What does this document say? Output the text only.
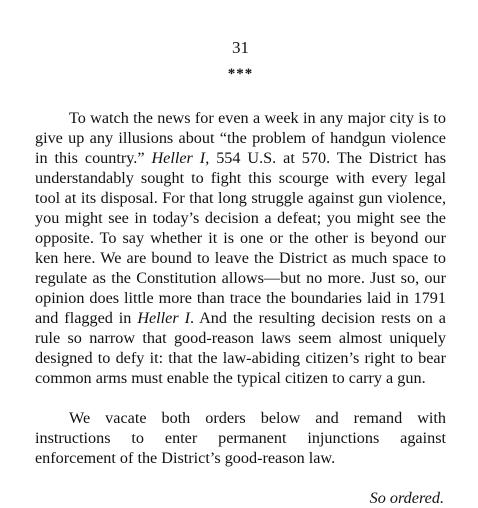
31

***

To watch the news for even a week in any major city is to give up any illusions about “the problem of handgun violence in this country.” Heller I, 554 U.S. at 570. The District has understandably sought to fight this scourge with every legal tool at its disposal. For that long struggle against gun violence, you might see in today’s decision a defeat; you might see the opposite. To say whether it is one or the other is beyond our ken here. We are bound to leave the District as much space to regulate as the Constitution allows—but no more. Just so, our opinion does little more than trace the boundaries laid in 1791 and flagged in Heller I. And the resulting decision rests on a rule so narrow that good-reason laws seem almost uniquely designed to defy it: that the law-abiding citizen’s right to bear common arms must enable the typical citizen to carry a gun.

We vacate both orders below and remand with instructions to enter permanent injunctions against enforcement of the District’s good-reason law.

So ordered.
